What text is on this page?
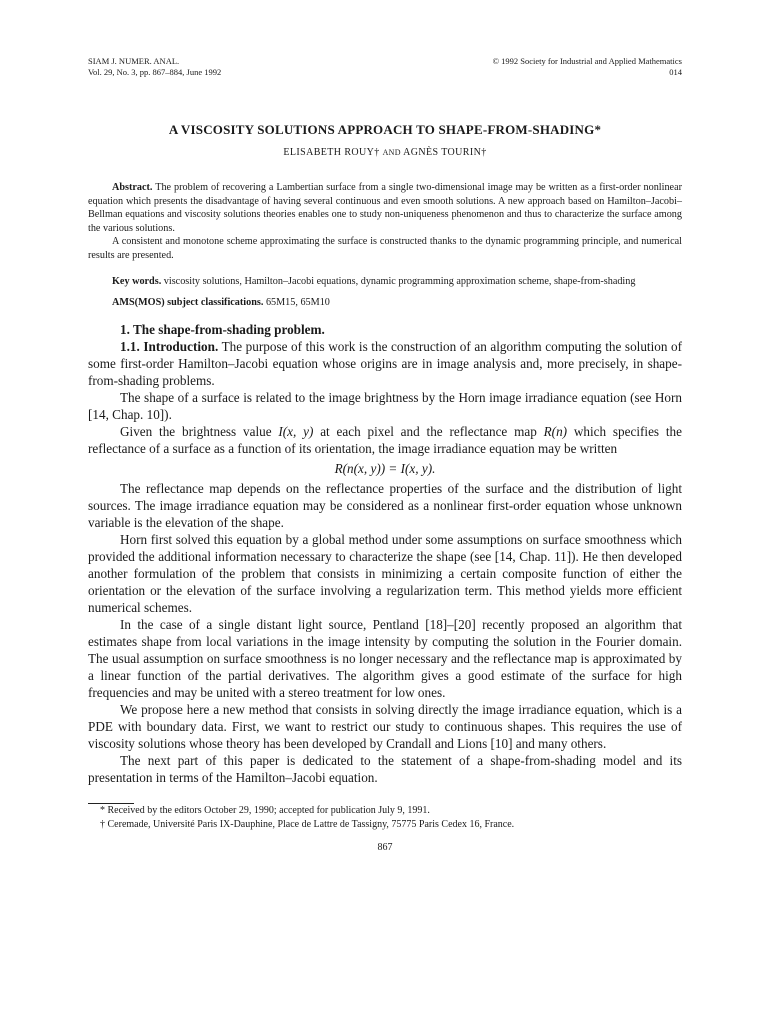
SIAM J. NUMER. ANAL.
Vol. 29, No. 3, pp. 867–884, June 1992
© 1992 Society for Industrial and Applied Mathematics
014
A VISCOSITY SOLUTIONS APPROACH TO SHAPE-FROM-SHADING*
ELISABETH ROUY† AND AGNÈS TOURIN†

Abstract. The problem of recovering a Lambertian surface from a single two-dimensional image may be written as a first-order nonlinear equation which presents the disadvantage of having several continuous and even smooth solutions. A new approach based on Hamilton–Jacobi–Bellman equations and viscosity solutions theories enables one to study non-uniqueness phenomenon and thus to characterize the surface among the various solutions.

A consistent and monotone scheme approximating the surface is constructed thanks to the dynamic programming principle, and numerical results are presented.

Key words. viscosity solutions, Hamilton–Jacobi equations, dynamic programming approximation scheme, shape-from-shading

AMS(MOS) subject classifications. 65M15, 65M10

1. The shape-from-shading problem.

1.1. Introduction. The purpose of this work is the construction of an algorithm computing the solution of some first-order Hamilton–Jacobi equation whose origins are in image analysis and, more precisely, in shape-from-shading problems.

The shape of a surface is related to the image brightness by the Horn image irradiance equation (see Horn [14, Chap. 10]).

Given the brightness value I(x, y) at each pixel and the reflectance map R(n) which specifies the reflectance of a surface as a function of its orientation, the image irradiance equation may be written

R(n(x, y)) = I(x, y).

The reflectance map depends on the reflectance properties of the surface and the distribution of light sources. The image irradiance equation may be considered as a nonlinear first-order equation whose unknown variable is the elevation of the shape.

Horn first solved this equation by a global method under some assumptions on surface smoothness which provided the additional information necessary to characterize the shape (see [14, Chap. 11]). He then developed another formulation of the problem that consists in minimizing a certain composite function of either the orientation or the elevation of the surface involving a regularization term. This method yields more efficient numerical schemes.

In the case of a single distant light source, Pentland [18]–[20] recently proposed an algorithm that estimates shape from local variations in the image intensity by computing the solution in the Fourier domain. The usual assumption on surface smoothness is no longer necessary and the reflectance map is approximated by a linear function of the partial derivatives. The algorithm gives a good estimate of the surface for high frequencies and may be united with a stereo treatment for low ones.

We propose here a new method that consists in solving directly the image irradiance equation, which is a PDE with boundary data. First, we want to restrict our study to continuous shapes. This requires the use of viscosity solutions whose theory has been developed by Crandall and Lions [10] and many others.

The next part of this paper is dedicated to the statement of a shape-from-shading model and its presentation in terms of the Hamilton–Jacobi equation.

* Received by the editors October 29, 1990; accepted for publication July 9, 1991.

† Ceremade, Université Paris IX-Dauphine, Place de Lattre de Tassigny, 75775 Paris Cedex 16, France.

867
